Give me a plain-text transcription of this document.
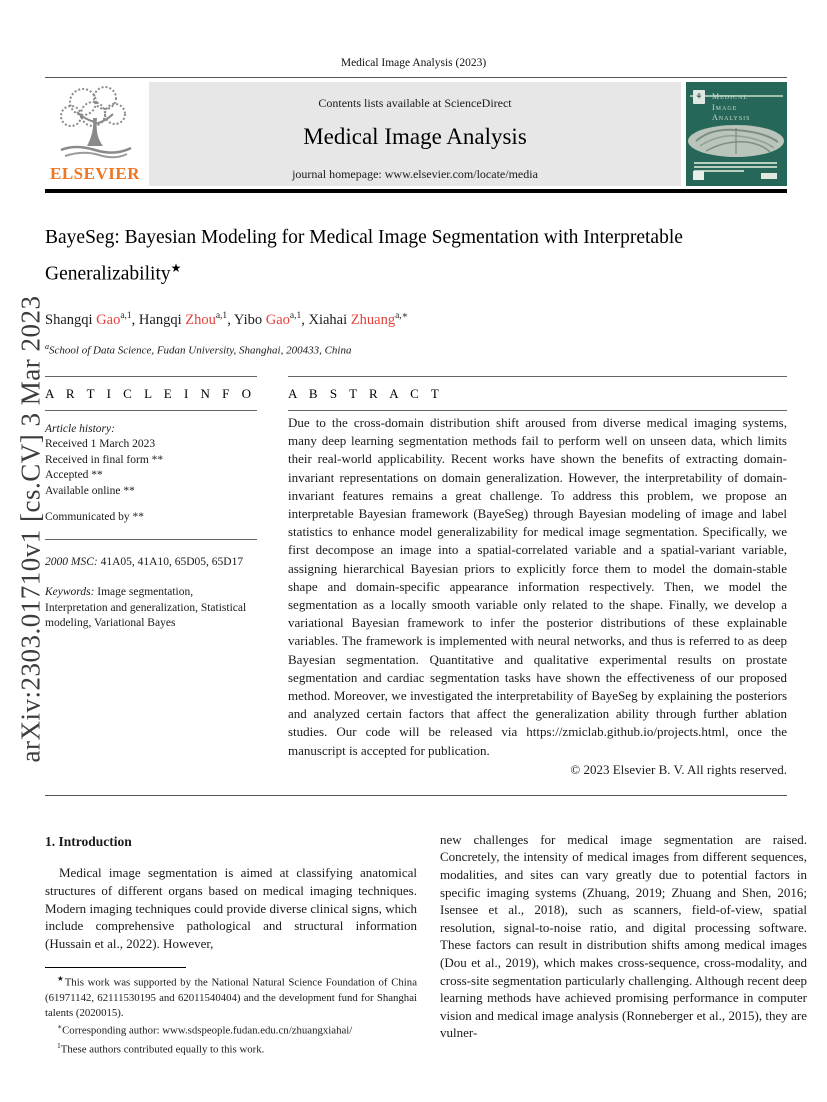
Medical Image Analysis (2023)
ELSEVIER
Contents lists available at ScienceDirect
Medical Image Analysis
journal homepage: www.elsevier.com/locate/media
⚘	Medical
Image
Analysis
BayeSeg: Bayesian Modeling for Medical Image Segmentation with Interpretable
Generalizability★
Shangqi Gao$^{a,1}$, Hangqi Zhou$^{a,1}$, Yibo Gao$^{a,1}$, Xiahai Zhuang$^{a,∗}$
$^a$School of Data Science, Fudan University, Shanghai, 200433, China
A R T I C L E I N F O
Article history:
Received 1 March 2023
Received in final form **
Accepted **
Available online **
Communicated by **
2000 MSC: 41A05, 41A10, 65D05, 65D17
Keywords: Image segmentation, Interpretation and generalization, Statistical modeling, Variational Bayes
A B S T R A C T
Due to the cross-domain distribution shift aroused from diverse medical imaging systems, many deep learning segmentation methods fail to perform well on unseen data, which limits their real-world applicability. Recent works have shown the benefits of extracting domain-invariant representations on domain generalization. However, the interpretability of domain-invariant features remains a great challenge. To address this problem, we propose an interpretable Bayesian framework (BayeSeg) through Bayesian modeling of image and label statistics to enhance model generalizability for medical image segmentation. Specifically, we first decompose an image into a spatial-correlated variable and a spatial-variant variable, assigning hierarchical Bayesian priors to explicitly force them to model the domain-stable shape and domain-specific appearance information respectively. Then, we model the segmentation as a locally smooth variable only related to the shape. Finally, we develop a variational Bayesian framework to infer the posterior distributions of these explainable variables. The framework is implemented with neural networks, and thus is referred to as deep Bayesian segmentation. Quantitative and qualitative experimental results on prostate segmentation and cardiac segmentation tasks have shown the effectiveness of our proposed method. Moreover, we investigated the interpretability of BayeSeg by explaining the posteriors and analyzed certain factors that affect the generalization ability through further ablation studies. Our code will be released via https://zmiclab.github.io/projects.html, once the manuscript is accepted for publication.
© 2023 Elsevier B. V. All rights reserved.
1. Introduction
Medical image segmentation is aimed at classifying anatomical structures of different organs based on medical imaging techniques. Modern imaging techniques could provide diverse clinical signs, which include comprehensive pathological and structural information (Hussain et al., 2022). However,

★This work was supported by the National Natural Science Foundation of China (61971142, 62111530195 and 62011540404) and the development fund for Shanghai talents (2020015).

∗Corresponding author: www.sdspeople.fudan.edu.cn/zhuangxiahai/

$^1$These authors contributed equally to this work.

new challenges for medical image segmentation are raised. Concretely, the intensity of medical images from different sequences, modalities, and sites can vary greatly due to potential factors in specific imaging systems (Zhuang, 2019; Zhuang and Shen, 2016; Isensee et al., 2018), such as scanners, field-of-view, spatial resolution, signal-to-noise ratio, and digital processing software. These factors can result in distribution shifts among medical images (Dou et al., 2019), which makes cross-sequence, cross-modality, and cross-site segmentation particularly challenging. Although recent deep learning methods have achieved promising performance in computer vision and medical image analysis (Ronneberger et al., 2015), they are vulner-
arXiv:2303.01710v1 [cs.CV] 3 Mar 2023
